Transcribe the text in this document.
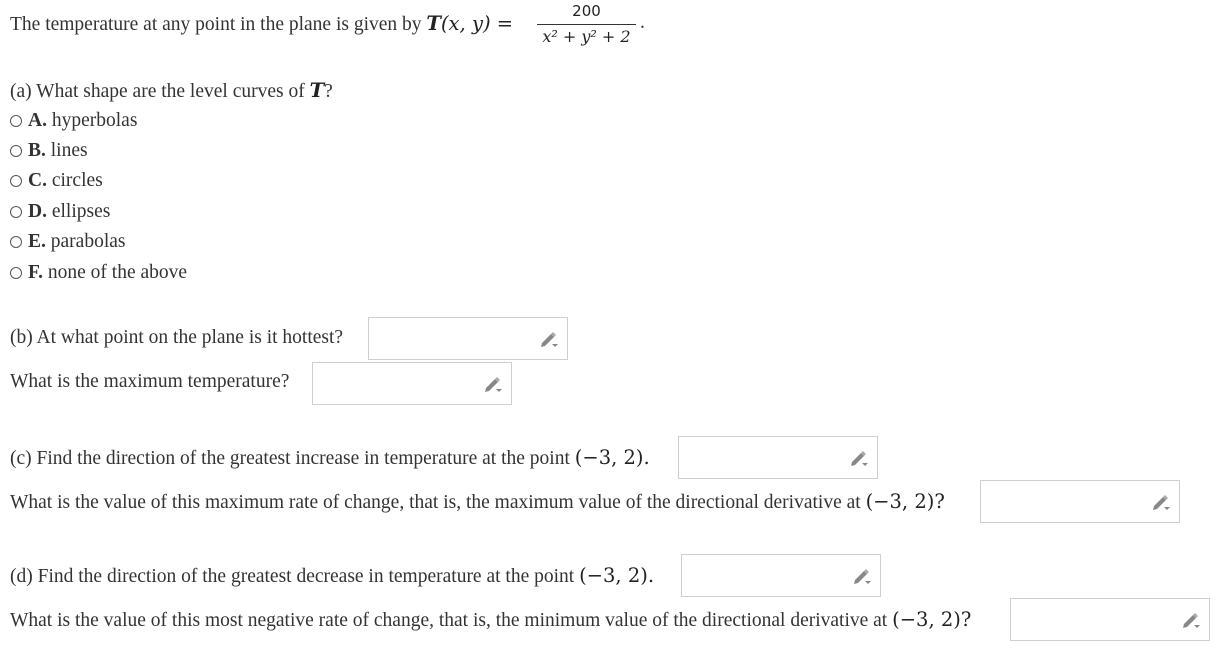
The temperature at any point in the plane is given by T(x, y) =
200
x² + y² + 2
.
(a) What shape are the level curves of T?
A. hyperbolas
B. lines
C. circles
D. ellipses
E. parabolas
F. none of the above
(b) At what point on the plane is it hottest?
What is the maximum temperature?
(c) Find the direction of the greatest increase in temperature at the point (−3, 2).
What is the value of this maximum rate of change, that is, the maximum value of the directional derivative at (−3, 2)?
(d) Find the direction of the greatest decrease in temperature at the point (−3, 2).
What is the value of this most negative rate of change, that is, the minimum value of the directional derivative at (−3, 2)?
